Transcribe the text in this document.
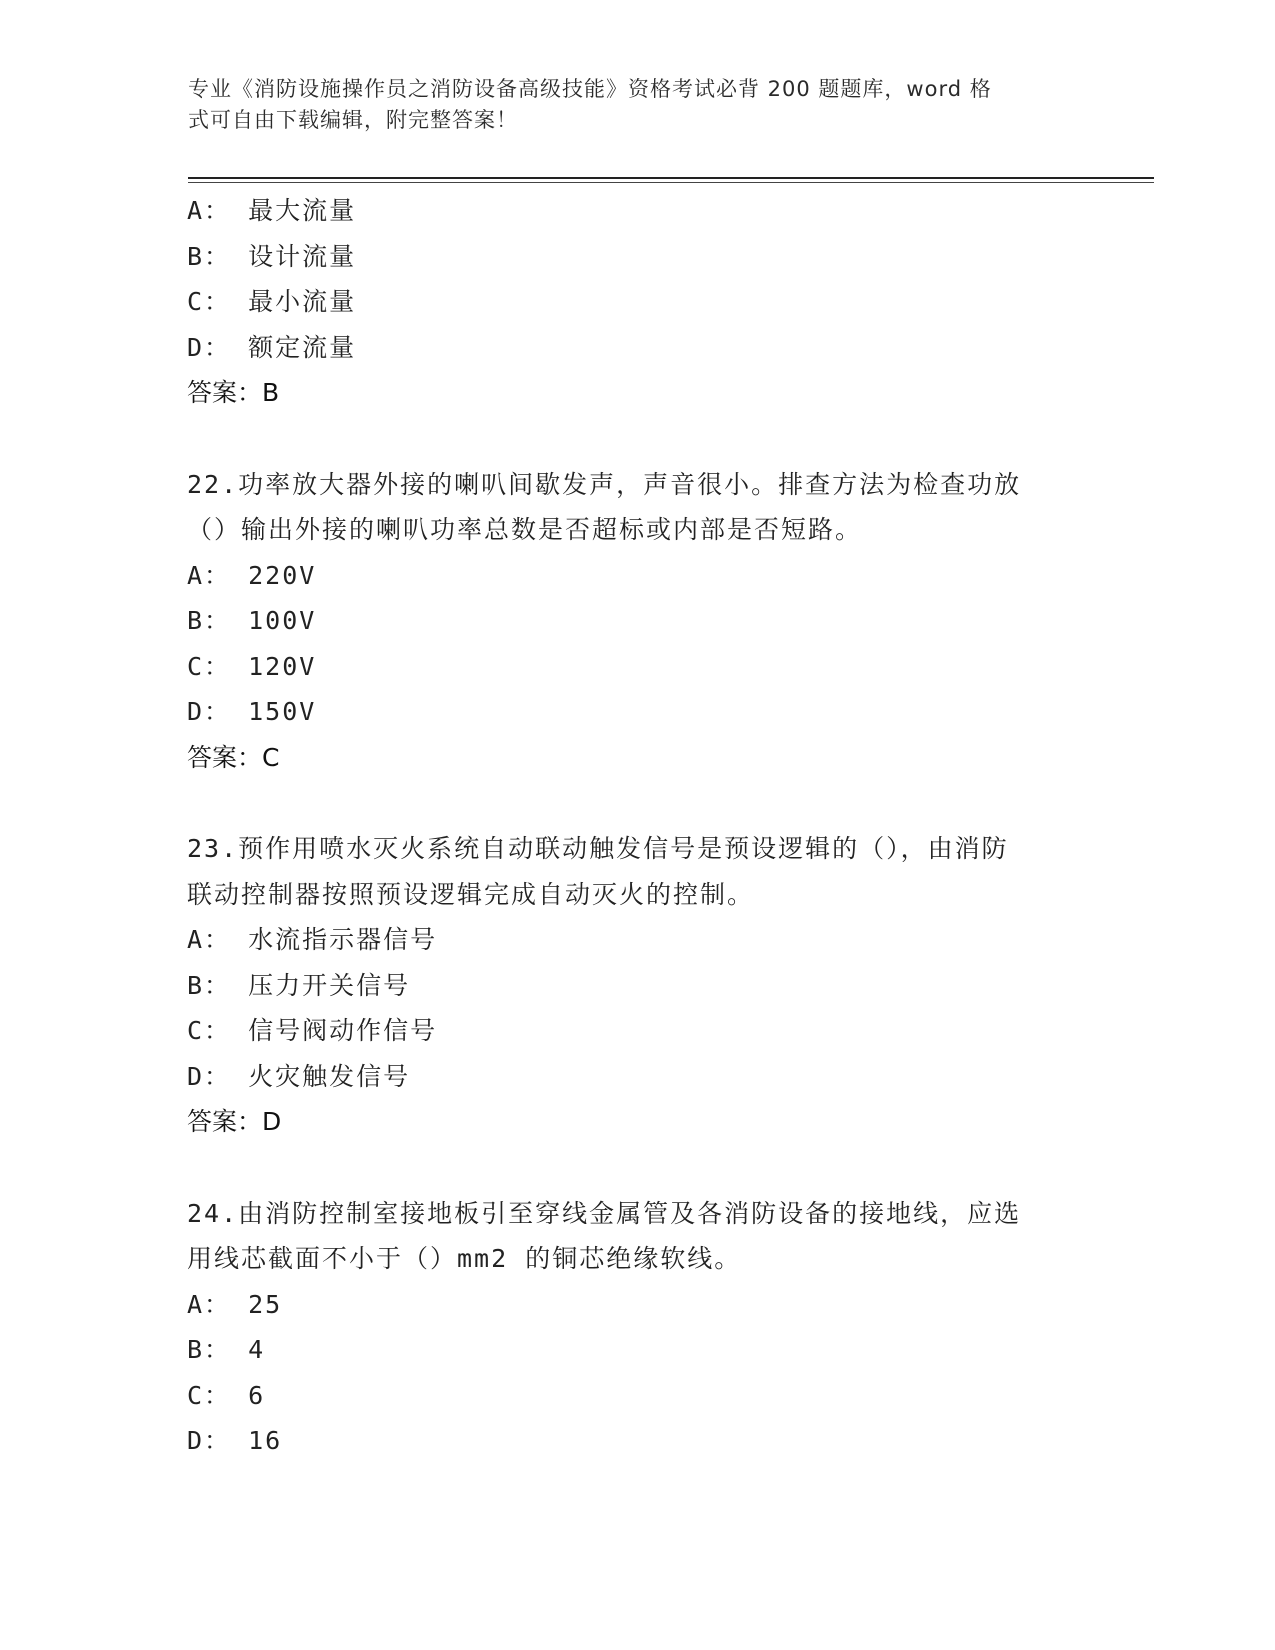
专业《消防设施操作员之消防设备高级技能》资格考试必背 200 题题库，word 格
式可自由下载编辑，附完整答案！
A： 最大流量
B： 设计流量
C： 最小流量
D： 额定流量
答案：B
22.功率放大器外接的喇叭间歇发声，声音很小。排查方法为检查功放
（）输出外接的喇叭功率总数是否超标或内部是否短路。
A： 220V
B： 100V
C： 120V
D： 150V
答案：C
23.预作用喷水灭火系统自动联动触发信号是预设逻辑的（），由消防
联动控制器按照预设逻辑完成自动灭火的控制。
A： 水流指示器信号
B： 压力开关信号
C： 信号阀动作信号
D： 火灾触发信号
答案：D
24.由消防控制室接地板引至穿线金属管及各消防设备的接地线，应选
用线芯截面不小于（）mm2 的铜芯绝缘软线。
A： 25
B： 4
C： 6
D： 16
